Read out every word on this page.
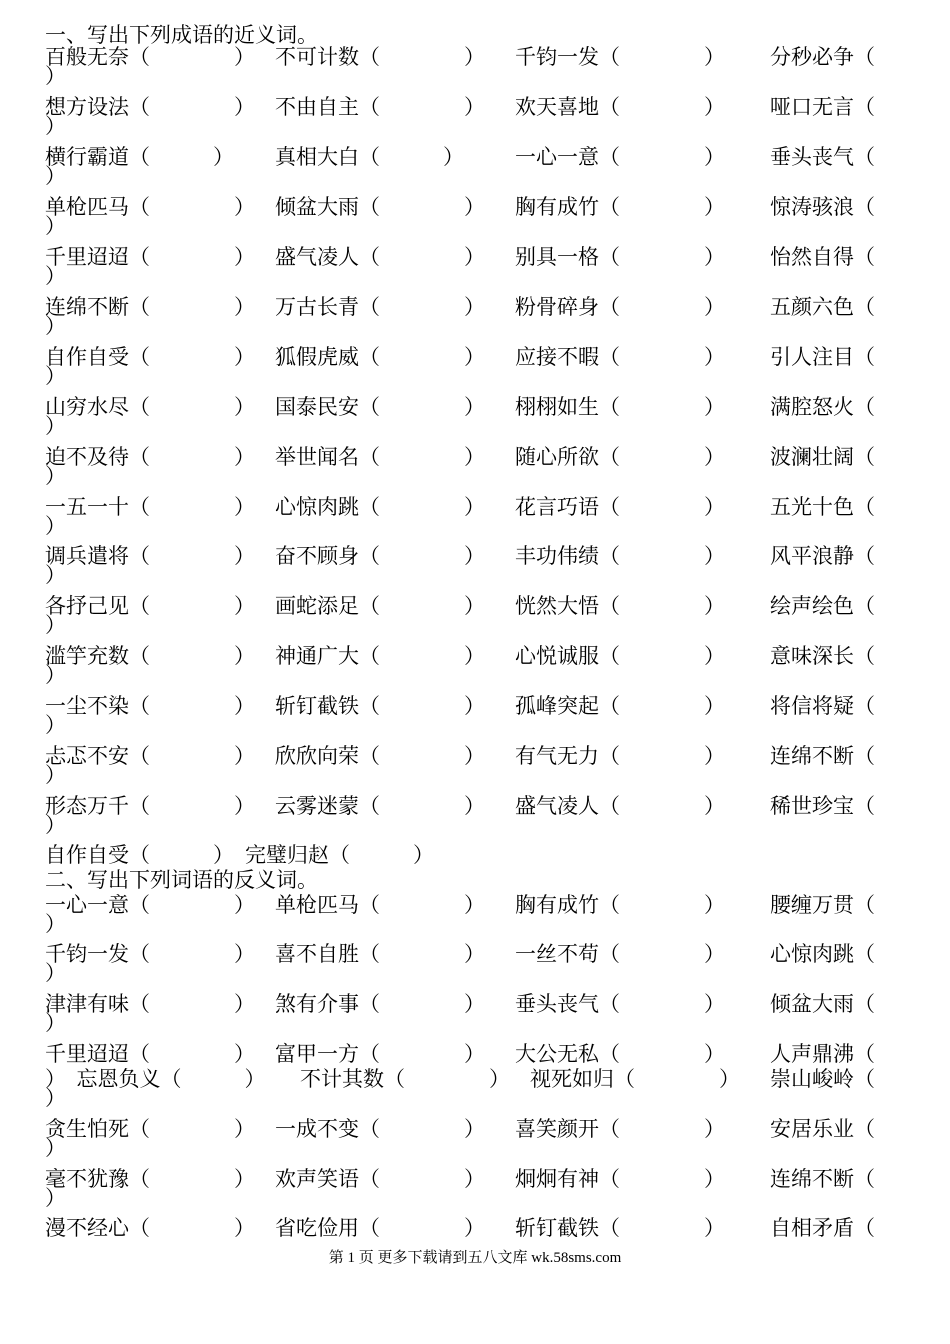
一、写出下列成语的近义词。
百般无奈（　　　　） 不可计数（　　　　） 千钧一发（　　　　） 分秒必争（
）
想方设法（　　　　） 不由自主（　　　　） 欢天喜地（　　　　） 哑口无言（
）
横行霸道（　　　） 真相大白（　　　） 一心一意（　　　　） 垂头丧气（
）
单枪匹马（　　　　） 倾盆大雨（　　　　） 胸有成竹（　　　　） 惊涛骇浪（
）
千里迢迢（　　　　） 盛气凌人（　　　　） 别具一格（　　　　） 怡然自得（
）
连绵不断（　　　　） 万古长青（　　　　） 粉骨碎身（　　　　） 五颜六色（
）
自作自受（　　　　） 狐假虎威（　　　　） 应接不暇（　　　　） 引人注目（
）
山穷水尽（　　　　） 国泰民安（　　　　） 栩栩如生（　　　　） 满腔怒火（
）
迫不及待（　　　　） 举世闻名（　　　　） 随心所欲（　　　　） 波澜壮阔（
）
一五一十（　　　　） 心惊肉跳（　　　　） 花言巧语（　　　　） 五光十色（
）
调兵遣将（　　　　） 奋不顾身（　　　　） 丰功伟绩（　　　　） 风平浪静（
）
各抒己见（　　　　） 画蛇添足（　　　　） 恍然大悟（　　　　） 绘声绘色（
）
滥竽充数（　　　　） 神通广大（　　　　） 心悦诚服（　　　　） 意味深长（
）
一尘不染（　　　　） 斩钉截铁（　　　　） 孤峰突起（　　　　） 将信将疑（
）
忐忑不安（　　　　） 欣欣向荣（　　　　） 有气无力（　　　　） 连绵不断（
）
形态万千（　　　　） 云雾迷蒙（　　　　） 盛气凌人（　　　　） 稀世珍宝（
）
自作自受（　　　） 完璧归赵（　　　）
二、写出下列词语的反义词。
一心一意（　　　　） 单枪匹马（　　　　） 胸有成竹（　　　　） 腰缠万贯（
）
千钧一发（　　　　） 喜不自胜（　　　　） 一丝不苟（　　　　） 心惊肉跳（
）
津津有味（　　　　） 煞有介事（　　　　） 垂头丧气（　　　　） 倾盆大雨（
）
千里迢迢（　　　　） 富甲一方（　　　　） 大公无私（　　　　） 人声鼎沸（
）　忘恩负义（　　　） 不计其数（　　　　） 视死如归（　　　　） 崇山峻岭（
）
贪生怕死（　　　　） 一成不变（　　　　） 喜笑颜开（　　　　） 安居乐业（
）
毫不犹豫（　　　　） 欢声笑语（　　　　） 炯炯有神（　　　　） 连绵不断（
）
漫不经心（　　　　） 省吃俭用（　　　　） 斩钉截铁（　　　　） 自相矛盾（
第 1 页 更多下载请到五八文库 wk.58sms.com
